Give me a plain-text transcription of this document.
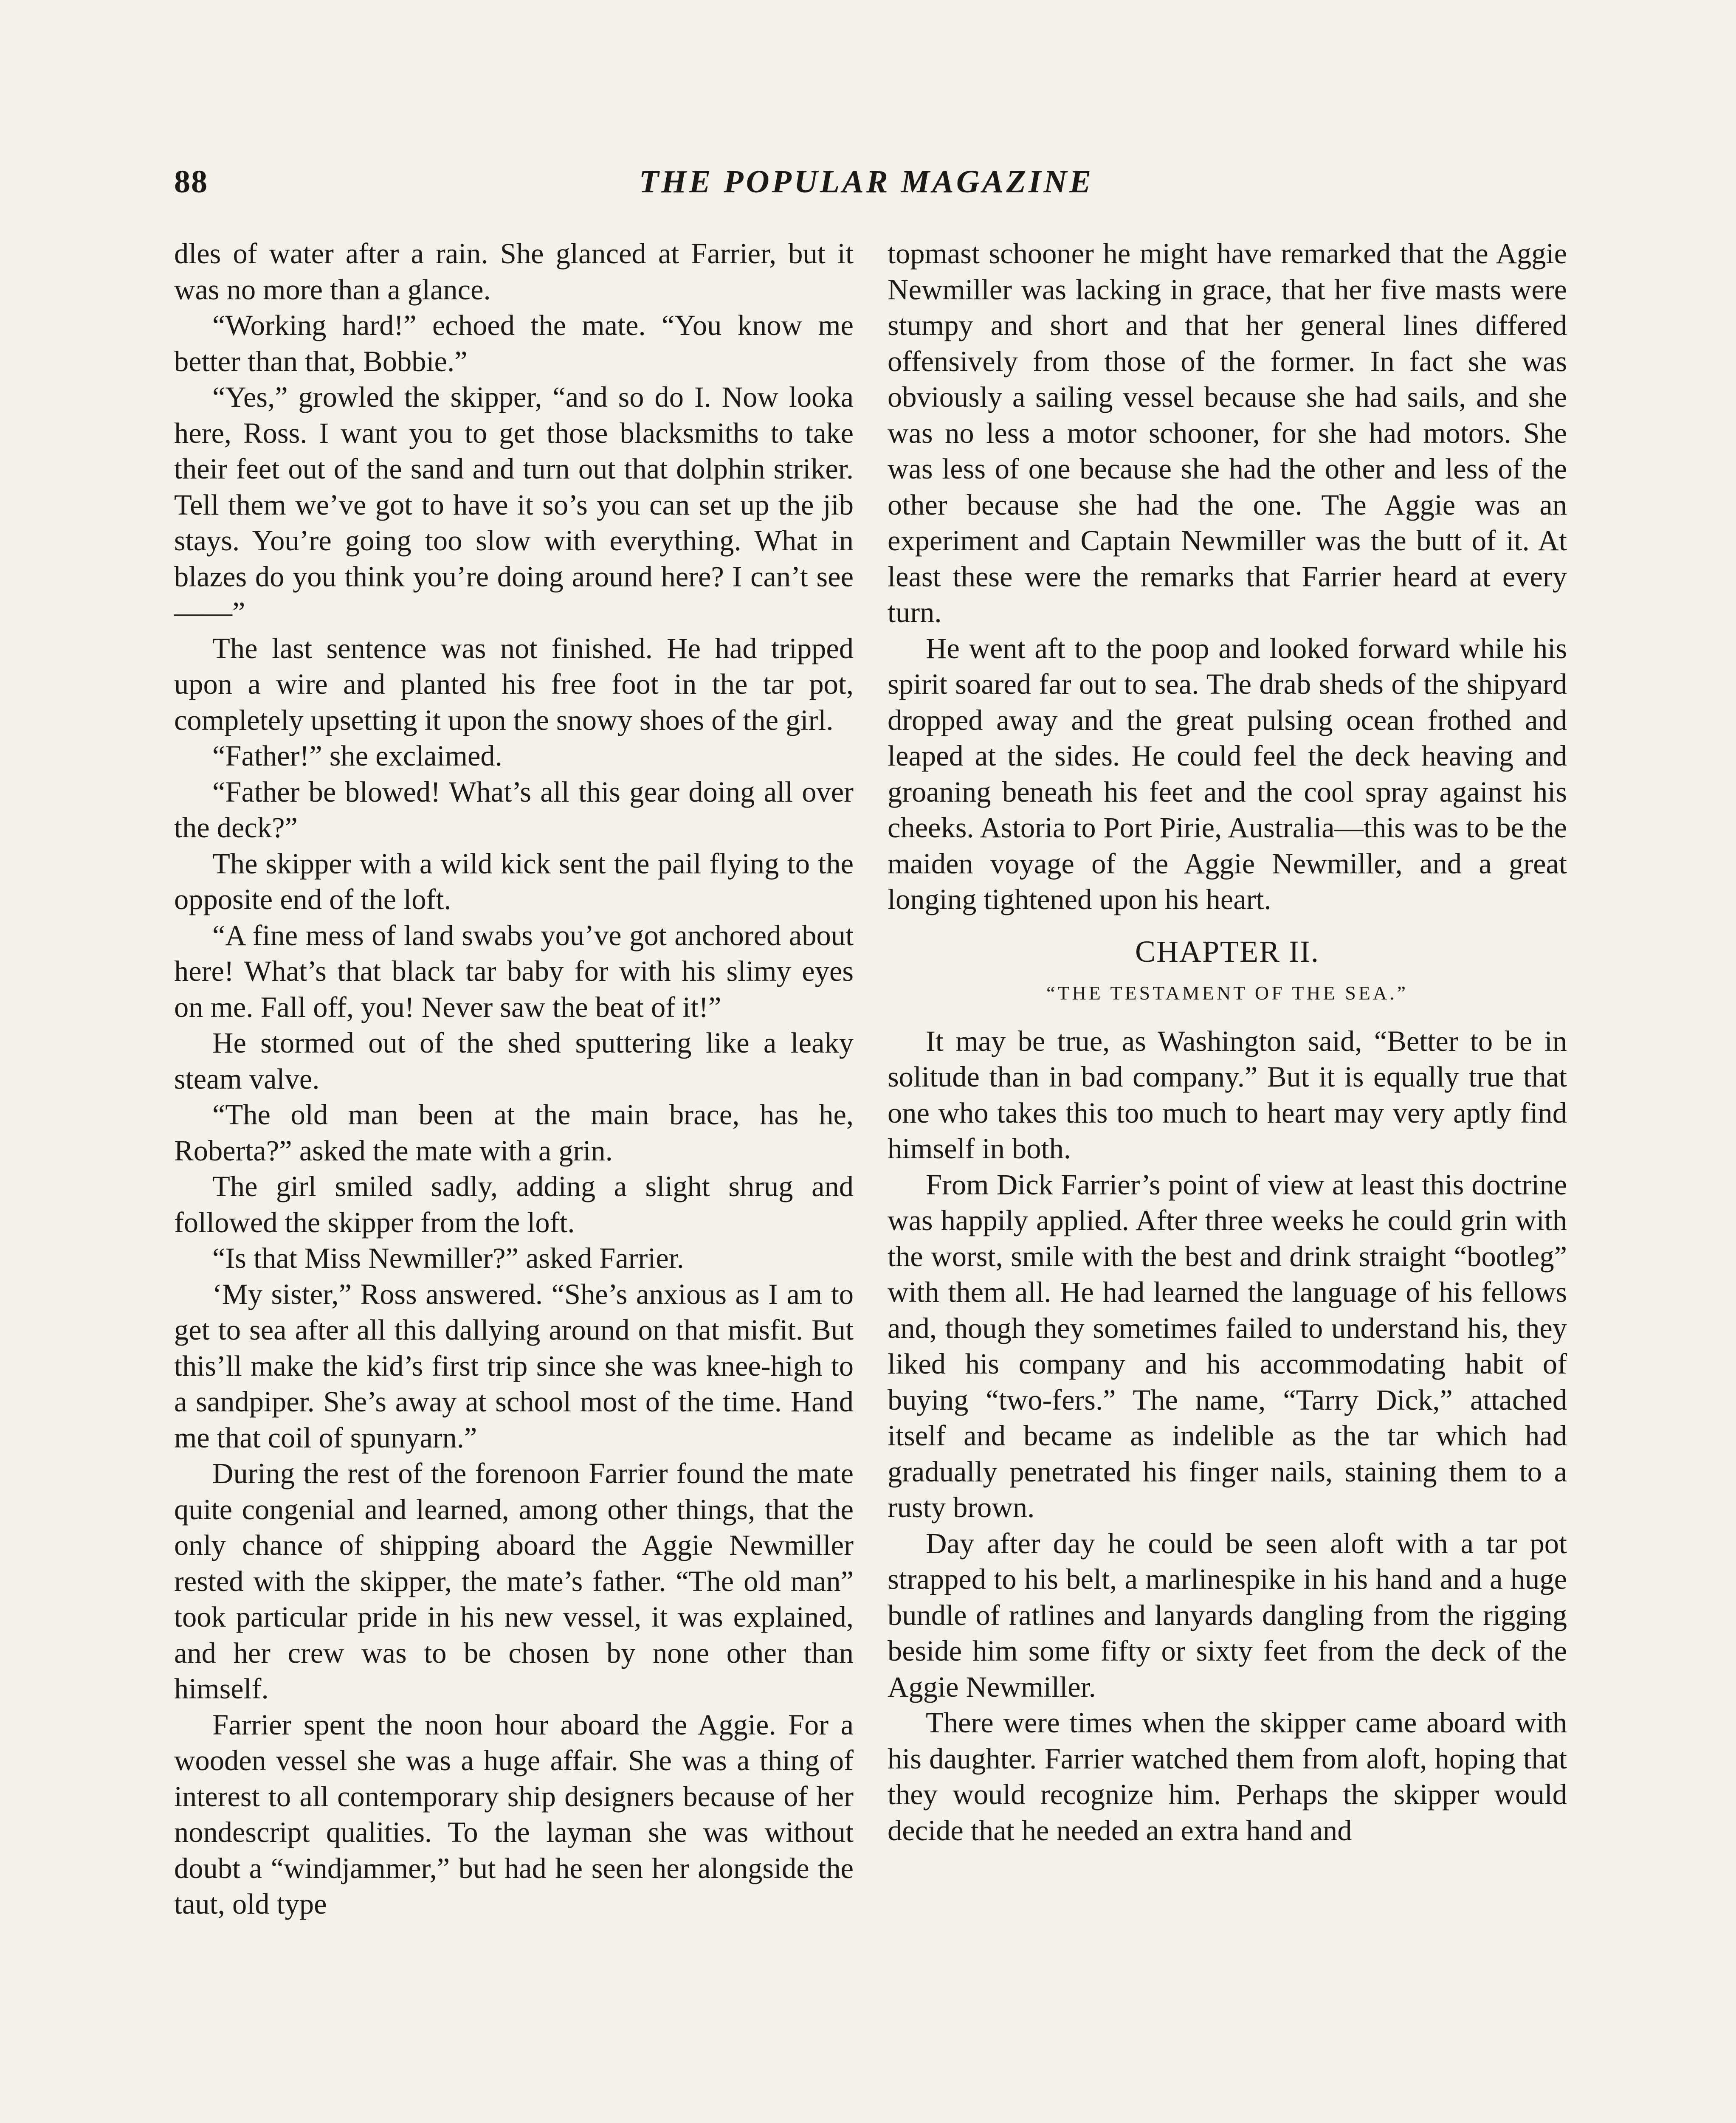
88	THE POPULAR MAGAZINE

dles of water after a rain. She glanced at Farrier, but it was no more than a glance.

“Working hard!” echoed the mate. “You know me better than that, Bobbie.”

“Yes,” growled the skipper, “and so do I. Now looka here, Ross. I want you to get those blacksmiths to take their feet out of the sand and turn out that dolphin striker. Tell them we’ve got to have it so’s you can set up the jib stays. You’re going too slow with everything. What in blazes do you think you’re doing around here? I can’t see——”

The last sentence was not finished. He had tripped upon a wire and planted his free foot in the tar pot, completely upsetting it upon the snowy shoes of the girl.

“Father!” she exclaimed.

“Father be blowed! What’s all this gear doing all over the deck?”

The skipper with a wild kick sent the pail flying to the opposite end of the loft.

“A fine mess of land swabs you’ve got anchored about here! What’s that black tar baby for with his slimy eyes on me. Fall off, you! Never saw the beat of it!”

He stormed out of the shed sputtering like a leaky steam valve.

“The old man been at the main brace, has he, Roberta?” asked the mate with a grin.

The girl smiled sadly, adding a slight shrug and followed the skipper from the loft.

“Is that Miss Newmiller?” asked Farrier.

‘My sister,” Ross answered. “She’s anxious as I am to get to sea after all this dallying around on that misfit. But this’ll make the kid’s first trip since she was knee-high to a sandpiper. She’s away at school most of the time. Hand me that coil of spunyarn.”

During the rest of the forenoon Farrier found the mate quite congenial and learned, among other things, that the only chance of shipping aboard the Aggie Newmiller rested with the skipper, the mate’s father. “The old man” took particular pride in his new vessel, it was explained, and her crew was to be chosen by none other than himself.

Farrier spent the noon hour aboard the Aggie. For a wooden vessel she was a huge affair. She was a thing of interest to all contemporary ship designers because of her nondescript qualities. To the layman she was without doubt a “windjammer,” but had he seen her alongside the taut, old type

topmast schooner he might have remarked that the Aggie Newmiller was lacking in grace, that her five masts were stumpy and short and that her general lines differed offensively from those of the former. In fact she was obviously a sailing vessel because she had sails, and she was no less a motor schooner, for she had motors. She was less of one because she had the other and less of the other because she had the one. The Aggie was an experiment and Captain Newmiller was the butt of it. At least these were the remarks that Farrier heard at every turn.

He went aft to the poop and looked forward while his spirit soared far out to sea. The drab sheds of the shipyard dropped away and the great pulsing ocean frothed and leaped at the sides. He could feel the deck heaving and groaning beneath his feet and the cool spray against his cheeks. Astoria to Port Pirie, Australia—this was to be the maiden voyage of the Aggie Newmiller, and a great longing tightened upon his heart.

CHAPTER II.

“THE TESTAMENT OF THE SEA.”

It may be true, as Washington said, “Better to be in solitude than in bad company.” But it is equally true that one who takes this too much to heart may very aptly find himself in both.

From Dick Farrier’s point of view at least this doctrine was happily applied. After three weeks he could grin with the worst, smile with the best and drink straight “bootleg” with them all. He had learned the language of his fellows and, though they sometimes failed to understand his, they liked his company and his accommodating habit of buying “two-fers.” The name, “Tarry Dick,” attached itself and became as indelible as the tar which had gradually penetrated his finger nails, staining them to a rusty brown.

Day after day he could be seen aloft with a tar pot strapped to his belt, a marlinespike in his hand and a huge bundle of ratlines and lanyards dangling from the rigging beside him some fifty or sixty feet from the deck of the Aggie Newmiller.

There were times when the skipper came aboard with his daughter. Farrier watched them from aloft, hoping that they would recognize him. Perhaps the skipper would decide that he needed an extra hand and
